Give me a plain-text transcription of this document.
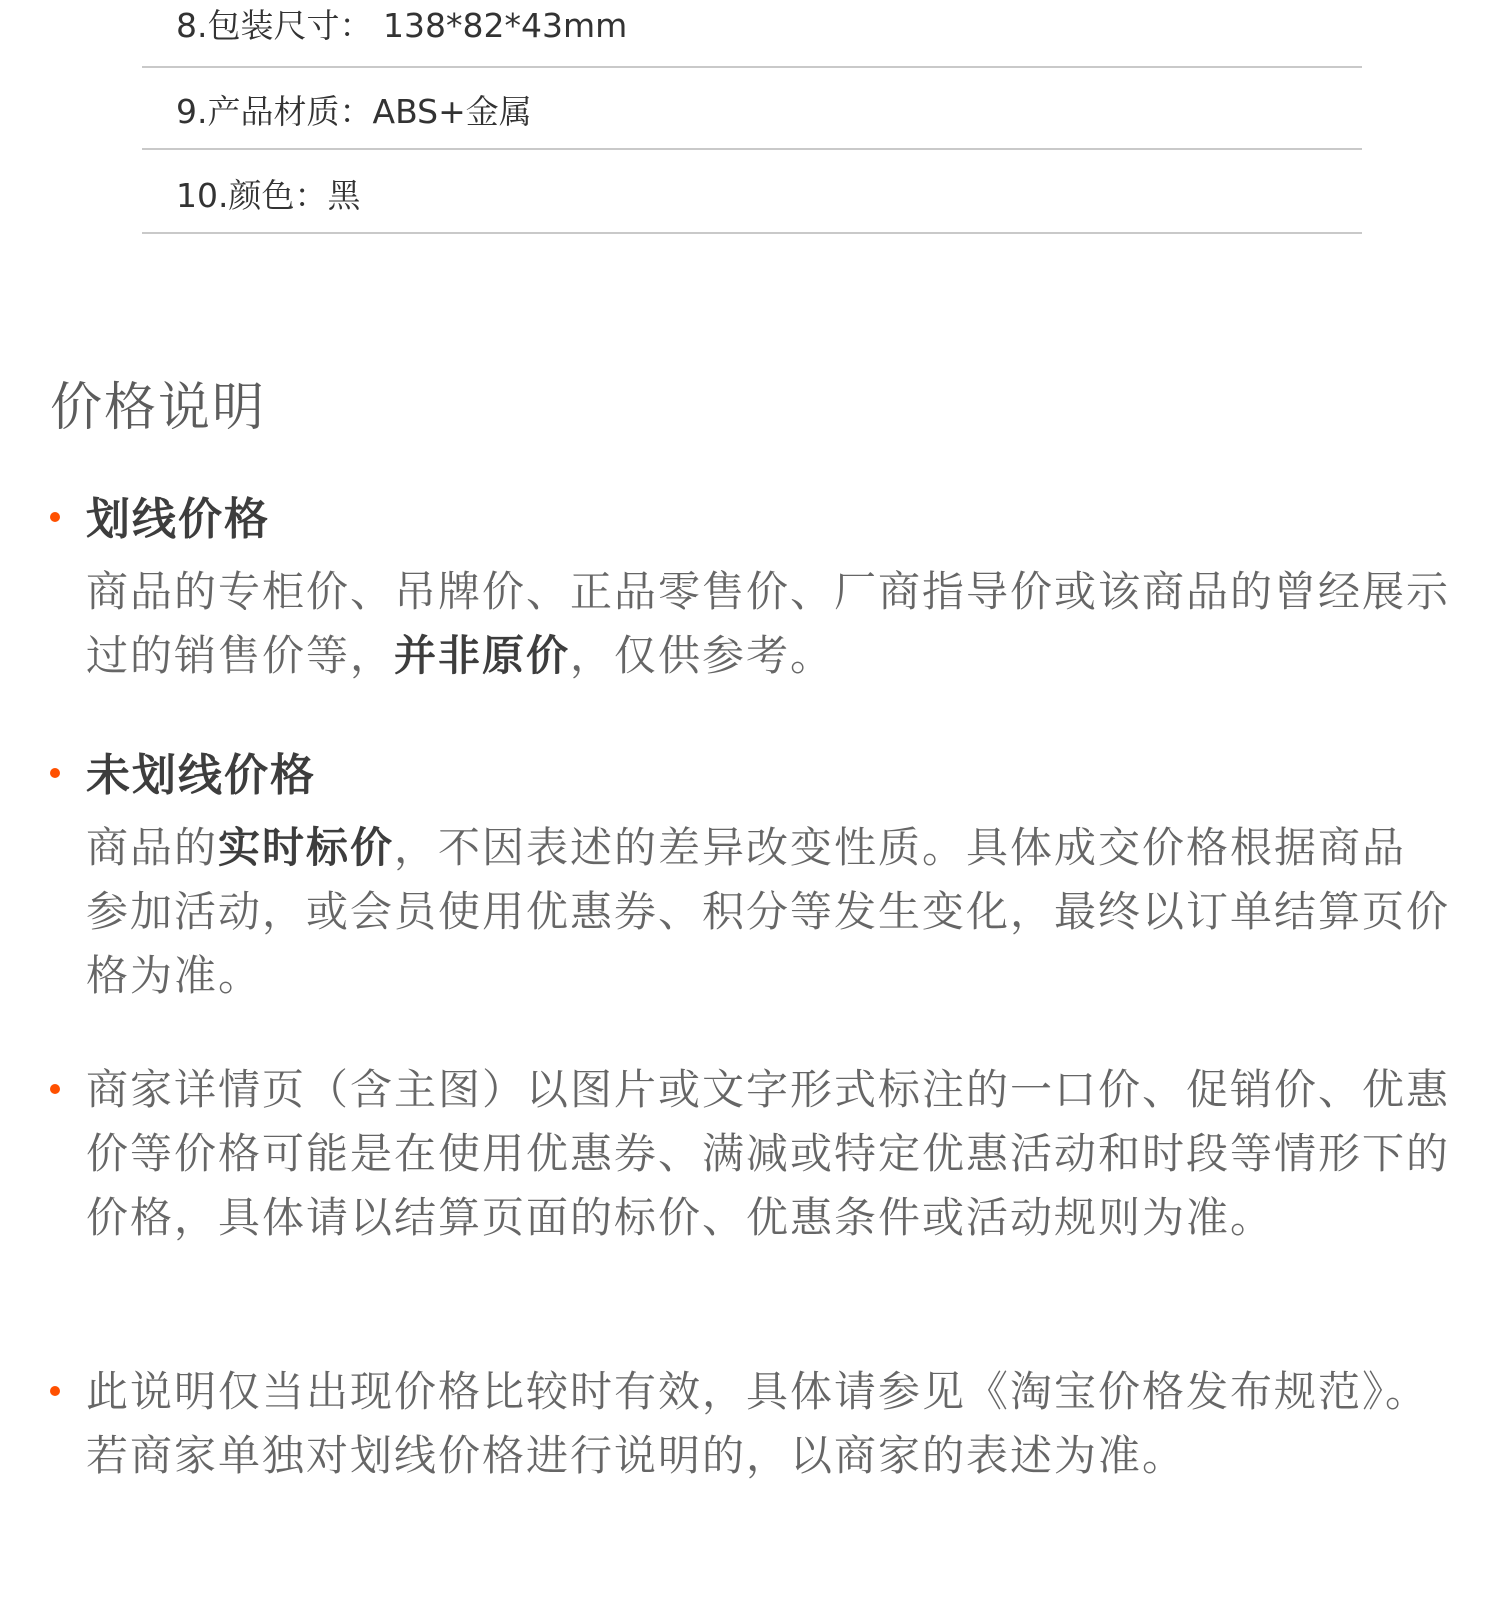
8.包装尺寸： 138*82*43mm
9.产品材质：ABS+金属
10.颜色：黑
价格说明
划线价格

商品的专柜价、吊牌价、正品零售价、厂商指导价或该商品的曾经展示过的销售价等，并非原价，仅供参考。

未划线价格

商品的实时标价，不因表述的差异改变性质。具体成交价格根据商品参加活动，或会员使用优惠券、积分等发生变化，最终以订单结算页价格为准。

商家详情页（含主图）以图片或文字形式标注的一口价、促销价、优惠价等价格可能是在使用优惠券、满减或特定优惠活动和时段等情形下的价格，具体请以结算页面的标价、优惠条件或活动规则为准。

此说明仅当出现价格比较时有效，具体请参见《淘宝价格发布规范》。若商家单独对划线价格进行说明的，以商家的表述为准。
